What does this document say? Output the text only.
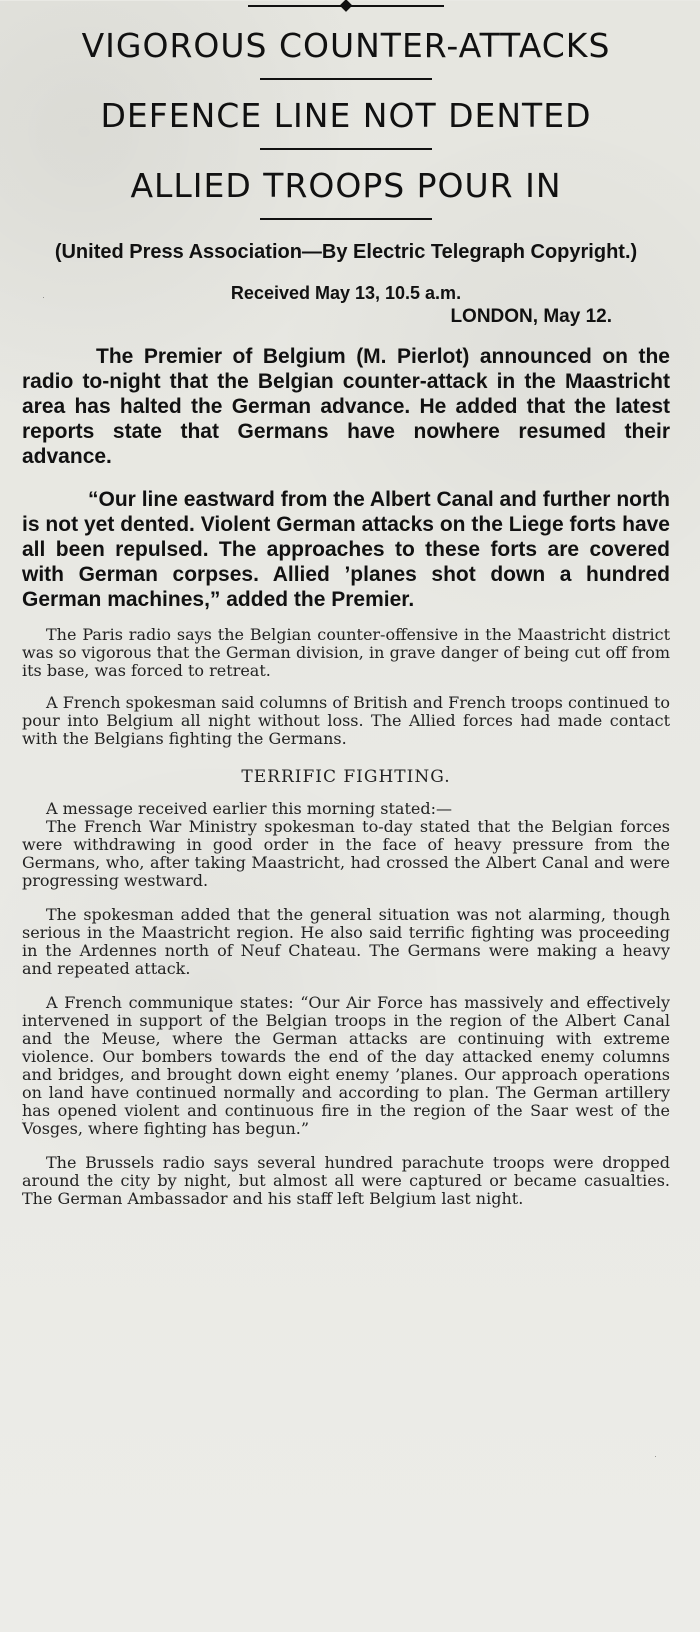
VIGOROUS COUNTER-ATTACKS
DEFENCE LINE NOT DENTED
ALLIED TROOPS POUR IN

(United Press Association—By Electric Telegraph Copyright.)

Received May 13, 10.5 a.m.

LONDON, May 12.

The Premier of Belgium (M. Pierlot) announced on the radio to-night that the Belgian counter-attack in the Maastricht area has halted the German advance. He added that the latest reports state that Germans have nowhere resumed their advance.

“Our line eastward from the Albert Canal and further north is not yet dented. Violent German attacks on the Liege forts have all been repulsed. The approaches to these forts are covered with German corpses. Allied ’planes shot down a hundred German machines,” added the Premier.

The Paris radio says the Belgian counter-offensive in the Maastricht district was so vigorous that the German division, in grave danger of being cut off from its base, was forced to retreat.

A French spokesman said columns of British and French troops continued to pour into Belgium all night without loss. The Allied forces had made contact with the Belgians fighting the Germans.

TERRIFIC FIGHTING.

A message received earlier this morning stated:—

The French War Ministry spokesman to-day stated that the Belgian forces were withdrawing in good order in the face of heavy pressure from the Germans, who, after taking Maastricht, had crossed the Albert Canal and were progressing westward.

The spokesman added that the general situation was not alarming, though serious in the Maastricht region. He also said terrific fighting was proceeding in the Ardennes north of Neuf Chateau. The Germans were making a heavy and repeated attack.

A French communique states: “Our Air Force has massively and effectively intervened in support of the Belgian troops in the region of the Albert Canal and the Meuse, where the German attacks are continuing with extreme violence. Our bombers towards the end of the day attacked enemy columns and bridges, and brought down eight enemy ’planes. Our approach operations on land have continued normally and according to plan. The German artillery has opened violent and continuous fire in the region of the Saar west of the Vosges, where fighting has begun.”

The Brussels radio says several hundred parachute troops were dropped around the city by night, but almost all were captured or became casualties. The German Ambassador and his staff left Belgium last night.
